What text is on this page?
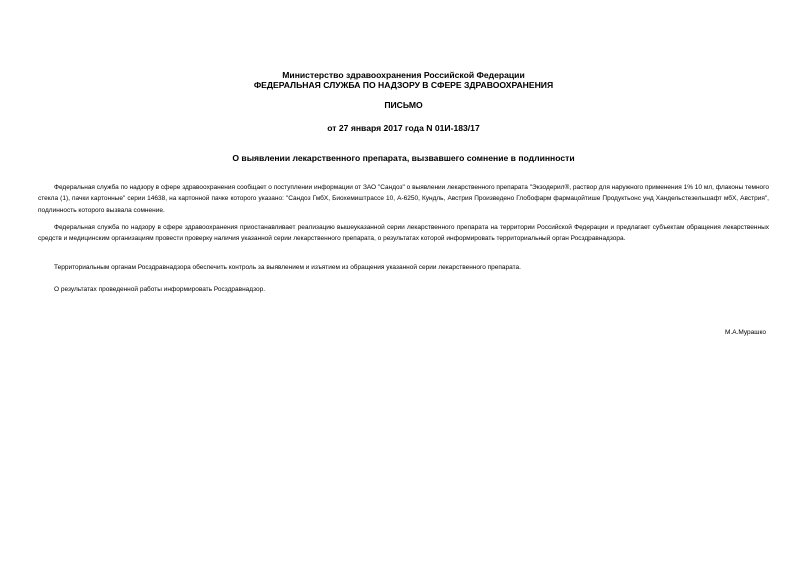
Министерство здравоохранения Российской Федерации
ФЕДЕРАЛЬНАЯ СЛУЖБА ПО НАДЗОРУ В СФЕРЕ ЗДРАВООХРАНЕНИЯ
ПИСЬМО
от 27 января 2017 года N 01И-183/17
О выявлении лекарственного препарата, вызвавшего сомнение в подлинности

Федеральная служба по надзору в сфере здравоохранения сообщает о поступлении информации от ЗАО "Сандоз" о выявлении лекарственного препарата "Экзодерил®, раствор для наружного применения 1% 10 мл, флаконы темного стекла (1), пачки картонные" серии 14638, на картонной пачке которого указано: "Сандоз ГмбХ, Биохемиштрассе 10, А-6250, Кундль, Австрия Произведено Глобофарм фармацойтише Продуктьонс унд Хандельстезельшафт мбХ, Австрия", подлинность которого вызвала сомнение.

Федеральная служба по надзору в сфере здравоохранения приостанавливает реализацию вышеуказанной серии лекарственного препарата на территории Российской Федерации и предлагает субъектам обращения лекарственных средств и медицинским организациям провести проверку наличия указанной серии лекарственного препарата, о результатах которой информировать территориальный орган Росздравнадзора.

Территориальным органам Росздравнадзора обеспечить контроль за выявлением и изъятием из обращения указанной серии лекарственного препарата.

О результатах проведенной работы информировать Росздравнадзор.

М.А.Мурашко
